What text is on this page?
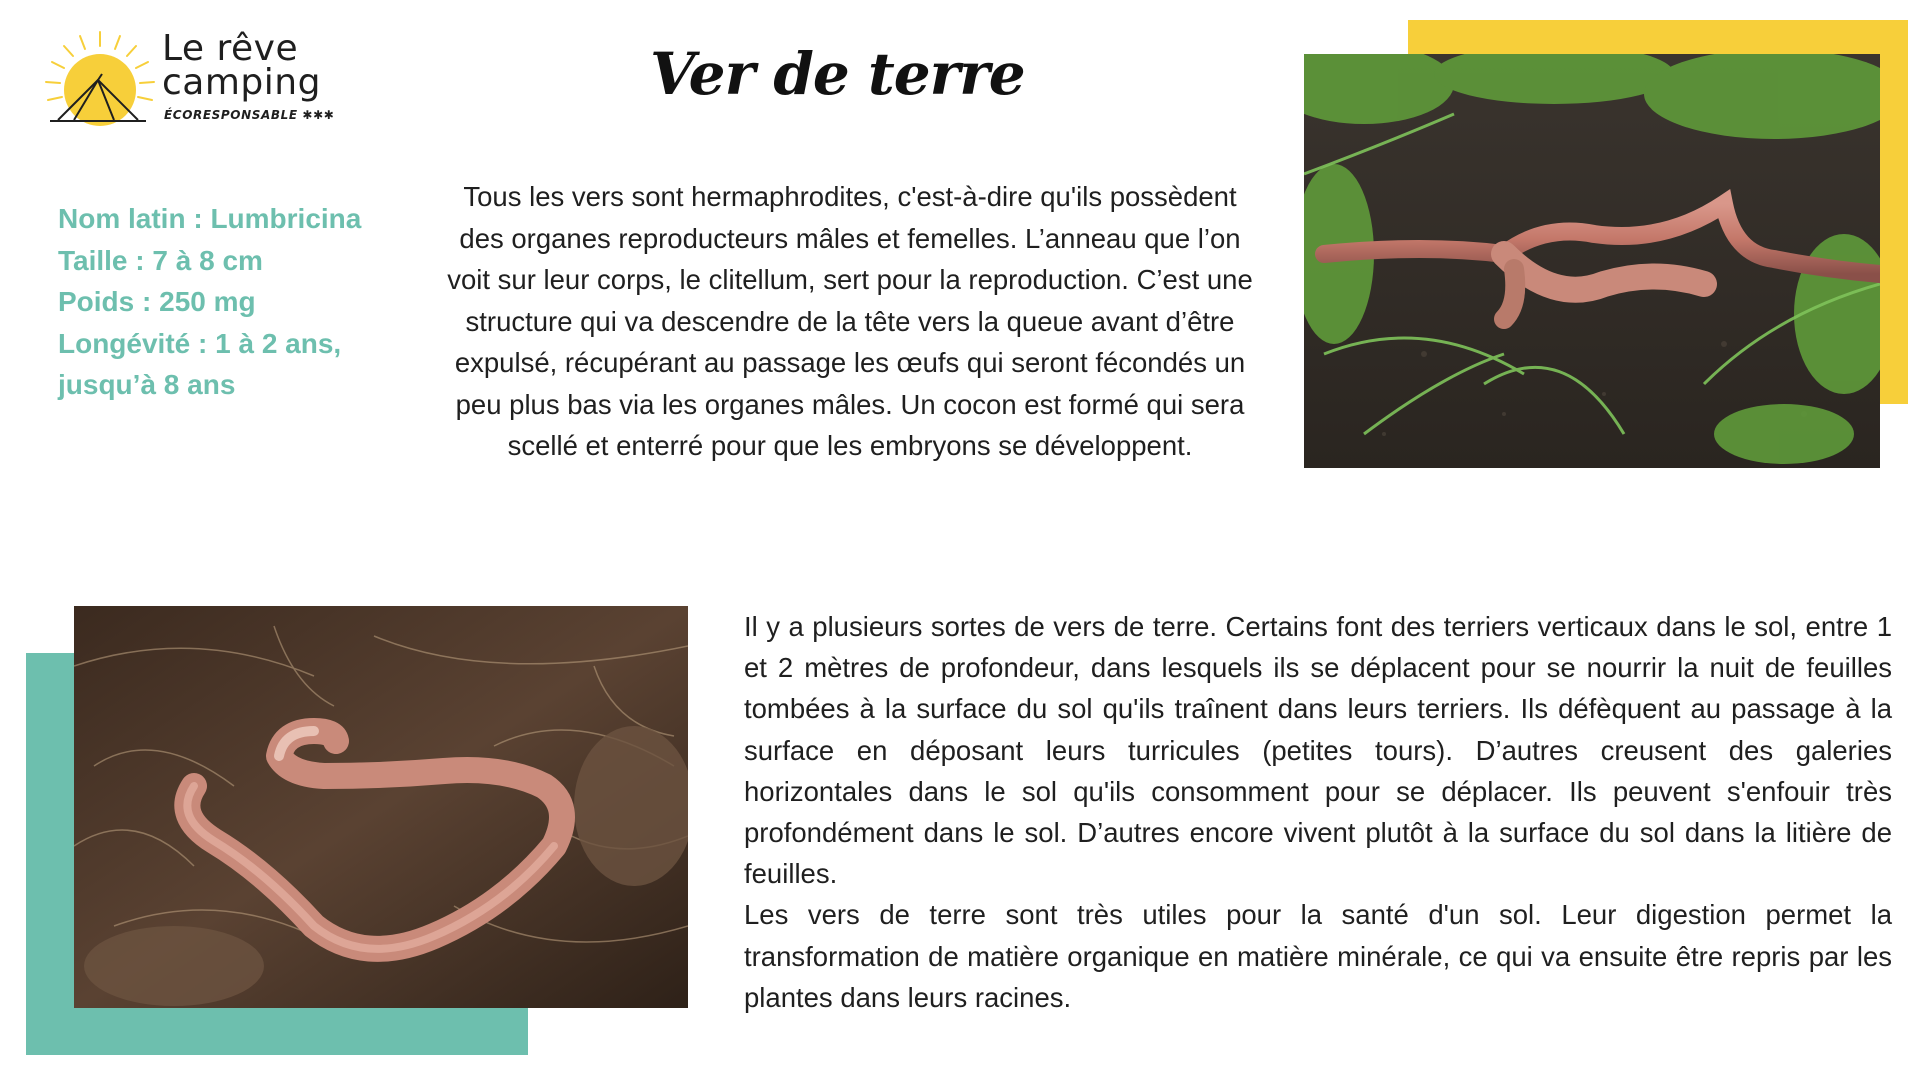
Le rêve
camping
ÉCORESPONSABLE ✱✱✱
Ver de terre
Nom latin : Lumbricina
Taille : 7 à 8 cm
Poids : 250 mg
Longévité : 1 à 2 ans,
jusqu’à 8 ans
Tous les vers sont hermaphrodites, c'est-à-dire qu'ils possèdent des organes reproducteurs mâles et femelles. L’anneau que l’on voit sur leur corps, le clitellum, sert pour la reproduction. C’est une structure qui va descendre de la tête vers la queue avant d’être expulsé, récupérant au passage les œufs qui seront fécondés un peu plus bas via les organes mâles. Un cocon est formé qui sera scellé et enterré pour que les embryons se développent.

Il y a plusieurs sortes de vers de terre. Certains font des terriers verticaux dans le sol, entre 1 et 2 mètres de profondeur, dans lesquels ils se déplacent pour se nourrir la nuit de feuilles tombées à la surface du sol qu'ils traînent dans leurs terriers. Ils défèquent au passage à la surface en déposant leurs turricules (petites tours). D’autres creusent des galeries horizontales dans le sol qu'ils consomment pour se déplacer. Ils peuvent s'enfouir très profondément dans le sol. D’autres encore vivent plutôt à la surface du sol dans la litière de feuilles.

Les vers de terre sont très utiles pour la santé d'un sol. Leur digestion permet la transformation de matière organique en matière minérale, ce qui va ensuite être repris par les plantes dans leurs racines.
